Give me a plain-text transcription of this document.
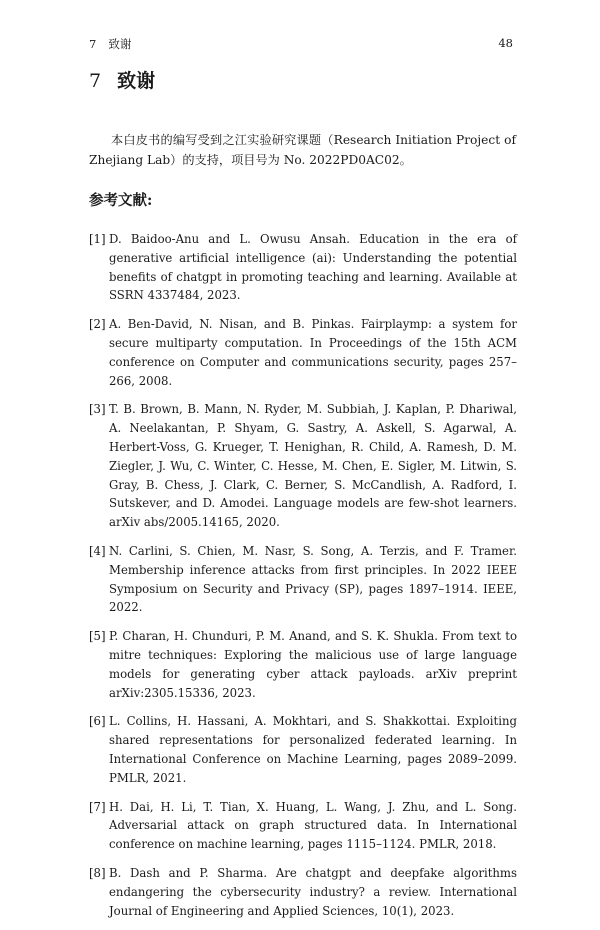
7 致谢	48
7 致谢

本白皮书的编写受到之江实验研究课题（Research Initiation Project of Zhejiang Lab）的支持，项目号为 No. 2022PD0AC02。

参考文献:
[1] D. Baidoo-Anu and L. Owusu Ansah. Education in the era of generative artificial intelligence (ai): Understanding the potential benefits of chatgpt in promoting teaching and learning. Available at SSRN 4337484, 2023.
[2] A. Ben-David, N. Nisan, and B. Pinkas. Fairplaymp: a system for secure multiparty computation. In Proceedings of the 15th ACM conference on Computer and communications security, pages 257–266, 2008.
[3] T. B. Brown, B. Mann, N. Ryder, M. Subbiah, J. Kaplan, P. Dhariwal, A. Neelakantan, P. Shyam, G. Sastry, A. Askell, S. Agarwal, A. Herbert-Voss, G. Krueger, T. Henighan, R. Child, A. Ramesh, D. M. Ziegler, J. Wu, C. Winter, C. Hesse, M. Chen, E. Sigler, M. Litwin, S. Gray, B. Chess, J. Clark, C. Berner, S. McCandlish, A. Radford, I. Sutskever, and D. Amodei. Language models are few-shot learners. arXiv abs/2005.14165, 2020.
[4] N. Carlini, S. Chien, M. Nasr, S. Song, A. Terzis, and F. Tramer. Membership inference attacks from first principles. In 2022 IEEE Symposium on Security and Privacy (SP), pages 1897–1914. IEEE, 2022.
[5] P. Charan, H. Chunduri, P. M. Anand, and S. K. Shukla. From text to mitre techniques: Exploring the malicious use of large language models for generating cyber attack payloads. arXiv preprint arXiv:2305.15336, 2023.
[6] L. Collins, H. Hassani, A. Mokhtari, and S. Shakkottai. Exploiting shared representations for personalized federated learning. In International Conference on Machine Learning, pages 2089–2099. PMLR, 2021.
[7] H. Dai, H. Li, T. Tian, X. Huang, L. Wang, J. Zhu, and L. Song. Adversarial attack on graph structured data. In International conference on machine learning, pages 1115–1124. PMLR, 2018.
[8] B. Dash and P. Sharma. Are chatgpt and deepfake algorithms endangering the cybersecurity industry? a review. International Journal of Engineering and Applied Sciences, 10(1), 2023.
